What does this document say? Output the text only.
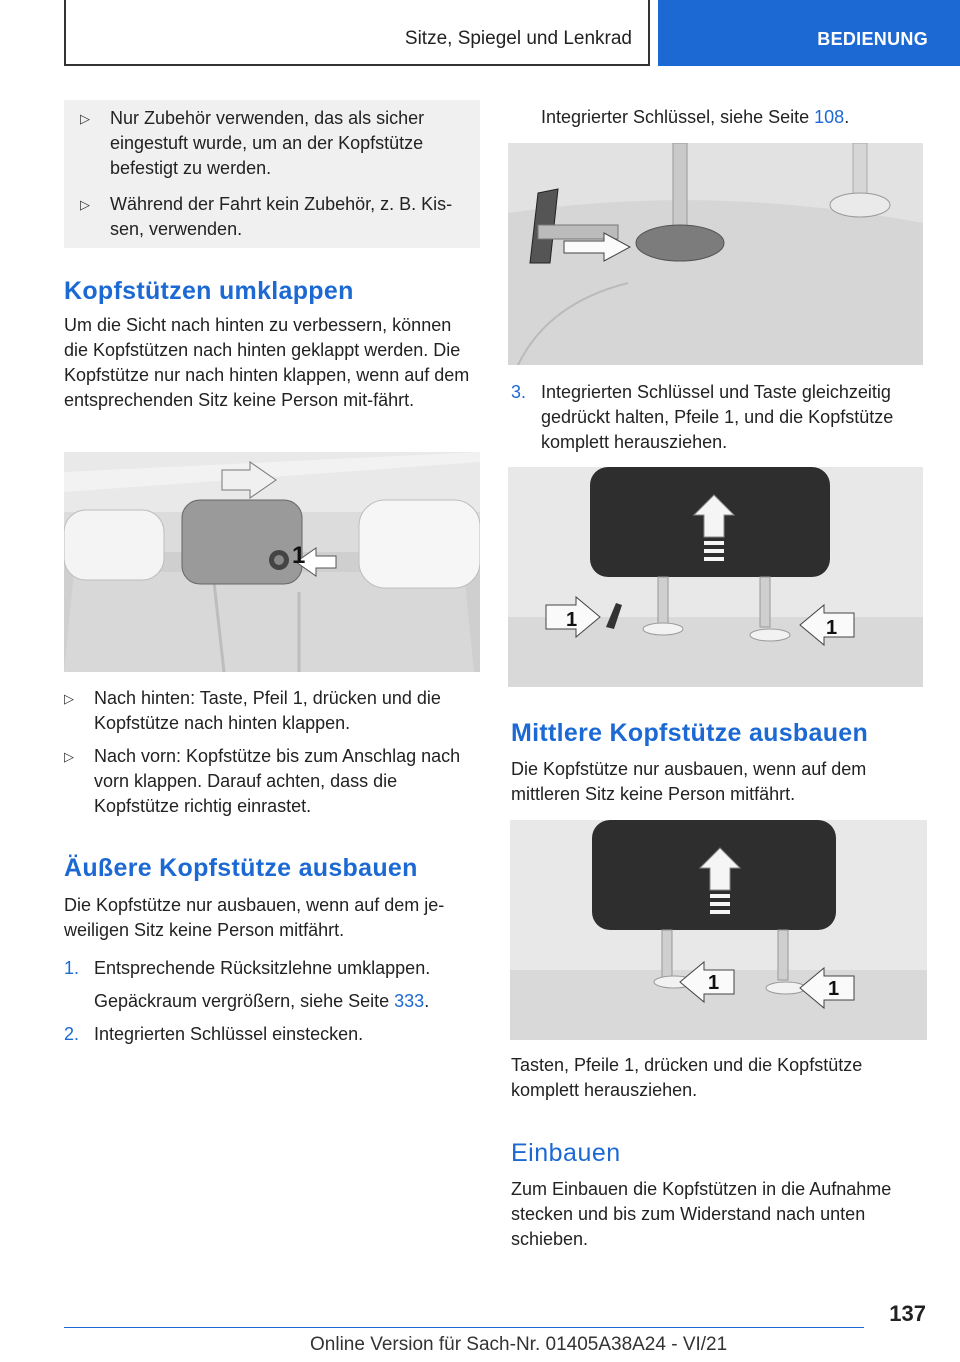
Sitze, Spiegel und Lenkrad	BEDIENUNG
▷ Nur Zubehör verwenden, das als sicher eingestuft wurde, um an der Kopfstütze befestigt zu werden.
▷ Während der Fahrt kein Zubehör, z. B. Kis-sen, verwenden.
Kopfstützen umklappen
Um die Sicht nach hinten zu verbessern, können die Kopfstützen nach hinten geklappt werden. Die Kopfstütze nur nach hinten klappen, wenn auf dem entsprechenden Sitz keine Person mit-fährt.
1
▷ Nach hinten: Taste, Pfeil 1, drücken und die Kopfstütze nach hinten klappen.
▷ Nach vorn: Kopfstütze bis zum Anschlag nach vorn klappen. Darauf achten, dass die Kopfstütze richtig einrastet.
Äußere Kopfstütze ausbauen
Die Kopfstütze nur ausbauen, wenn auf dem je-weiligen Sitz keine Person mitfährt.
1. Entsprechende Rücksitzlehne umklappen.
Gepäckraum vergrößern, siehe Seite 333.
2. Integrierten Schlüssel einstecken.
Integrierter Schlüssel, siehe Seite 108.
3. Integrierten Schlüssel und Taste gleichzeitig gedrückt halten, Pfeile 1, und die Kopfstütze komplett herausziehen.
1	1
Mittlere Kopfstütze ausbauen
Die Kopfstütze nur ausbauen, wenn auf dem mittleren Sitz keine Person mitfährt.
1	1
Tasten, Pfeile 1, drücken und die Kopfstütze komplett herausziehen.
Einbauen
Zum Einbauen die Kopfstützen in die Aufnahme stecken und bis zum Widerstand nach unten schieben.
137
Online Version für Sach-Nr. 01405A38A24 - VI/21
